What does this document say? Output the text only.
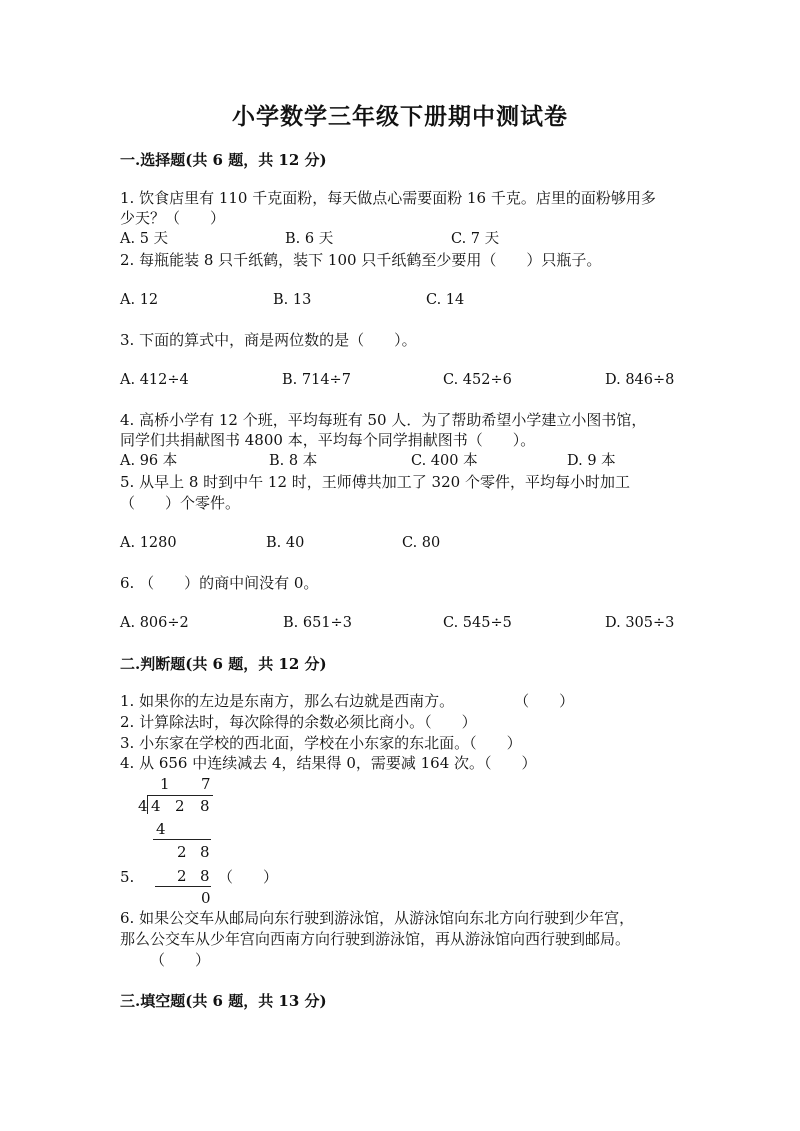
小学数学三年级下册期中测试卷
一.选择题(共 6 题，共 12 分)
1. 饮食店里有 110 千克面粉，每天做点心需要面粉 16 千克。店里的面粉够用多
少天？（　　）
A. 5 天	B. 6 天	C. 7 天
2. 每瓶能装 8 只千纸鹤，装下 100 只千纸鹤至少要用（　　）只瓶子。
A. 12	B. 13	C. 14
3. 下面的算式中，商是两位数的是（　　）。
A. 412÷4	B. 714÷7	C. 452÷6	D. 846÷8
4. 高桥小学有 12 个班，平均每班有 50 人．为了帮助希望小学建立小图书馆，
同学们共捐献图书 4800 本，平均每个同学捐献图书（　　）。
A. 96 本	B. 8 本	C. 400 本	D. 9 本
5. 从早上 8 时到中午 12 时，王师傅共加工了 320 个零件，平均每小时加工
（　　）个零件。
A. 1280	B. 40	C. 80
6. （　　）的商中间没有 0。
A. 806÷2	B. 651÷3	C. 545÷5	D. 305÷3
二.判断题(共 6 题，共 12 分)
1. 如果你的左边是东南方，那么右边就是西南方。　　　　　（　　）
2. 计算除法时，每次除得的余数必须比商小。（　　）
3. 小东家在学校的西北面，学校在小东家的东北面。（　　）
4. 从 656 中连续减去 4，结果得 0，需要减 164 次。（　　）
1 7
4 4 2 8
4
2 8
2 8
0
5.	（　　）
6. 如果公交车从邮局向东行驶到游泳馆，从游泳馆向东北方向行驶到少年宫，
那么公交车从少年宫向西南方向行驶到游泳馆，再从游泳馆向西行驶到邮局。
（　　）
三.填空题(共 6 题，共 13 分)
